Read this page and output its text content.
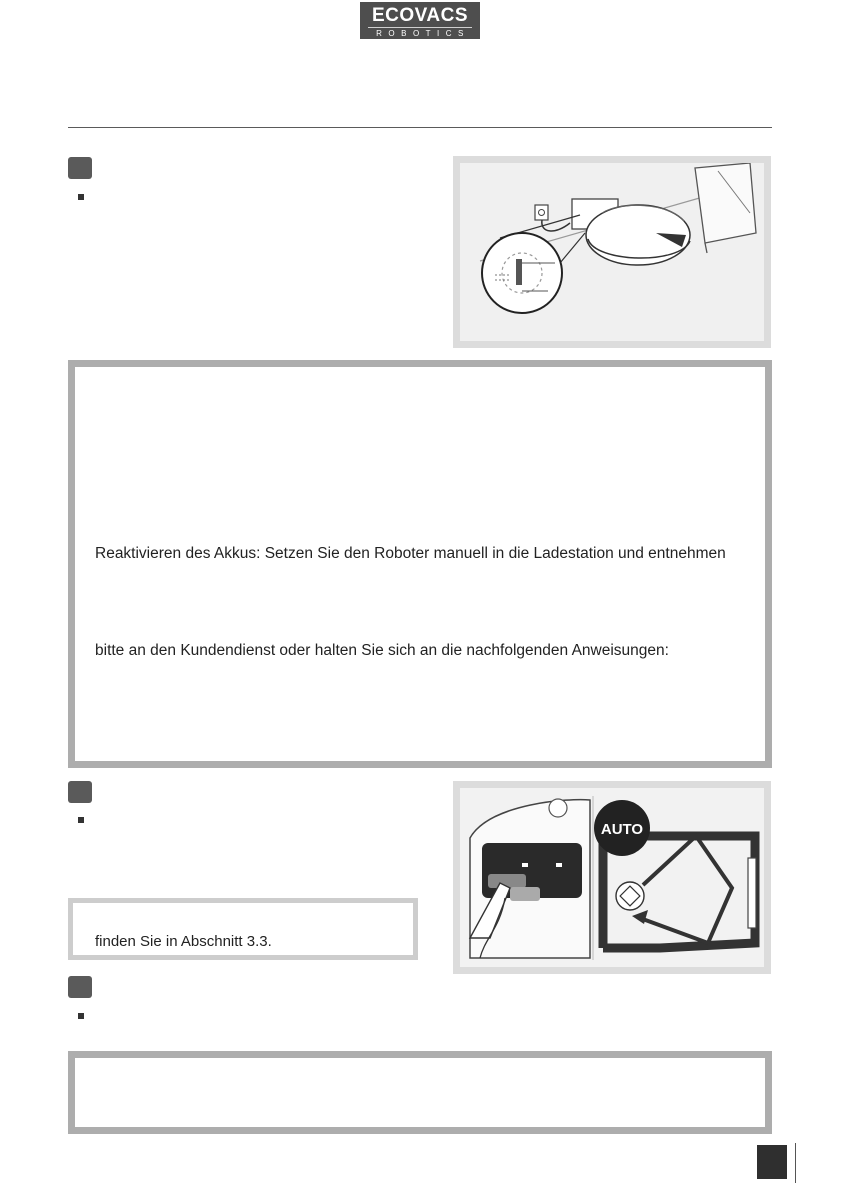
ECOVACS
ROBOTICS
Reaktivieren des Akkus: Setzen Sie den Roboter manuell in die Ladestation und entnehmen
bitte an den Kundendienst oder halten Sie sich an die nachfolgenden Anweisungen:
finden Sie in Abschnitt 3.3.
AUTO
